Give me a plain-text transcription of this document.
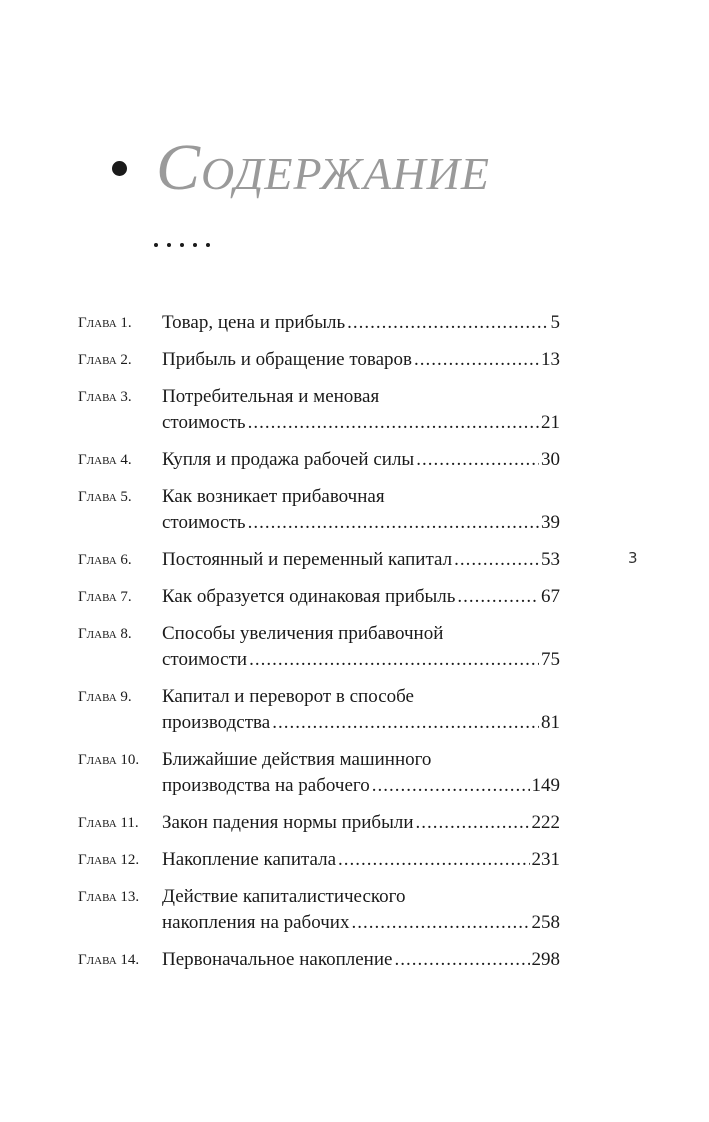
Содержание
Глава 1.	Товар, цена и прибыль .....	5
Глава 2.	Прибыль и обращение товаров .....	13
Глава 3.	Потребительная и меновая
стоимость .....	21
Глава 4.	Купля и продажа рабочей силы .....	30
Глава 5.	Как возникает прибавочная
стоимость .....	39
Глава 6.	Постоянный и переменный капитал .....	53
Глава 7.	Как образуется одинаковая прибыль .....	67
Глава 8.	Способы увеличения прибавочной
стоимости .....	75
Глава 9.	Капитал и переворот в способе
производства .....	81
Глава 10.	Ближайшие действия машинного
производства на рабочего .....	149
Глава 11.	Закон падения нормы прибыли .....	222
Глава 12.	Накопление капитала .....	231
Глава 13.	Действие капиталистического
накопления на рабочих .....	258
Глава 14.	Первоначальное накопление .....	298
3
